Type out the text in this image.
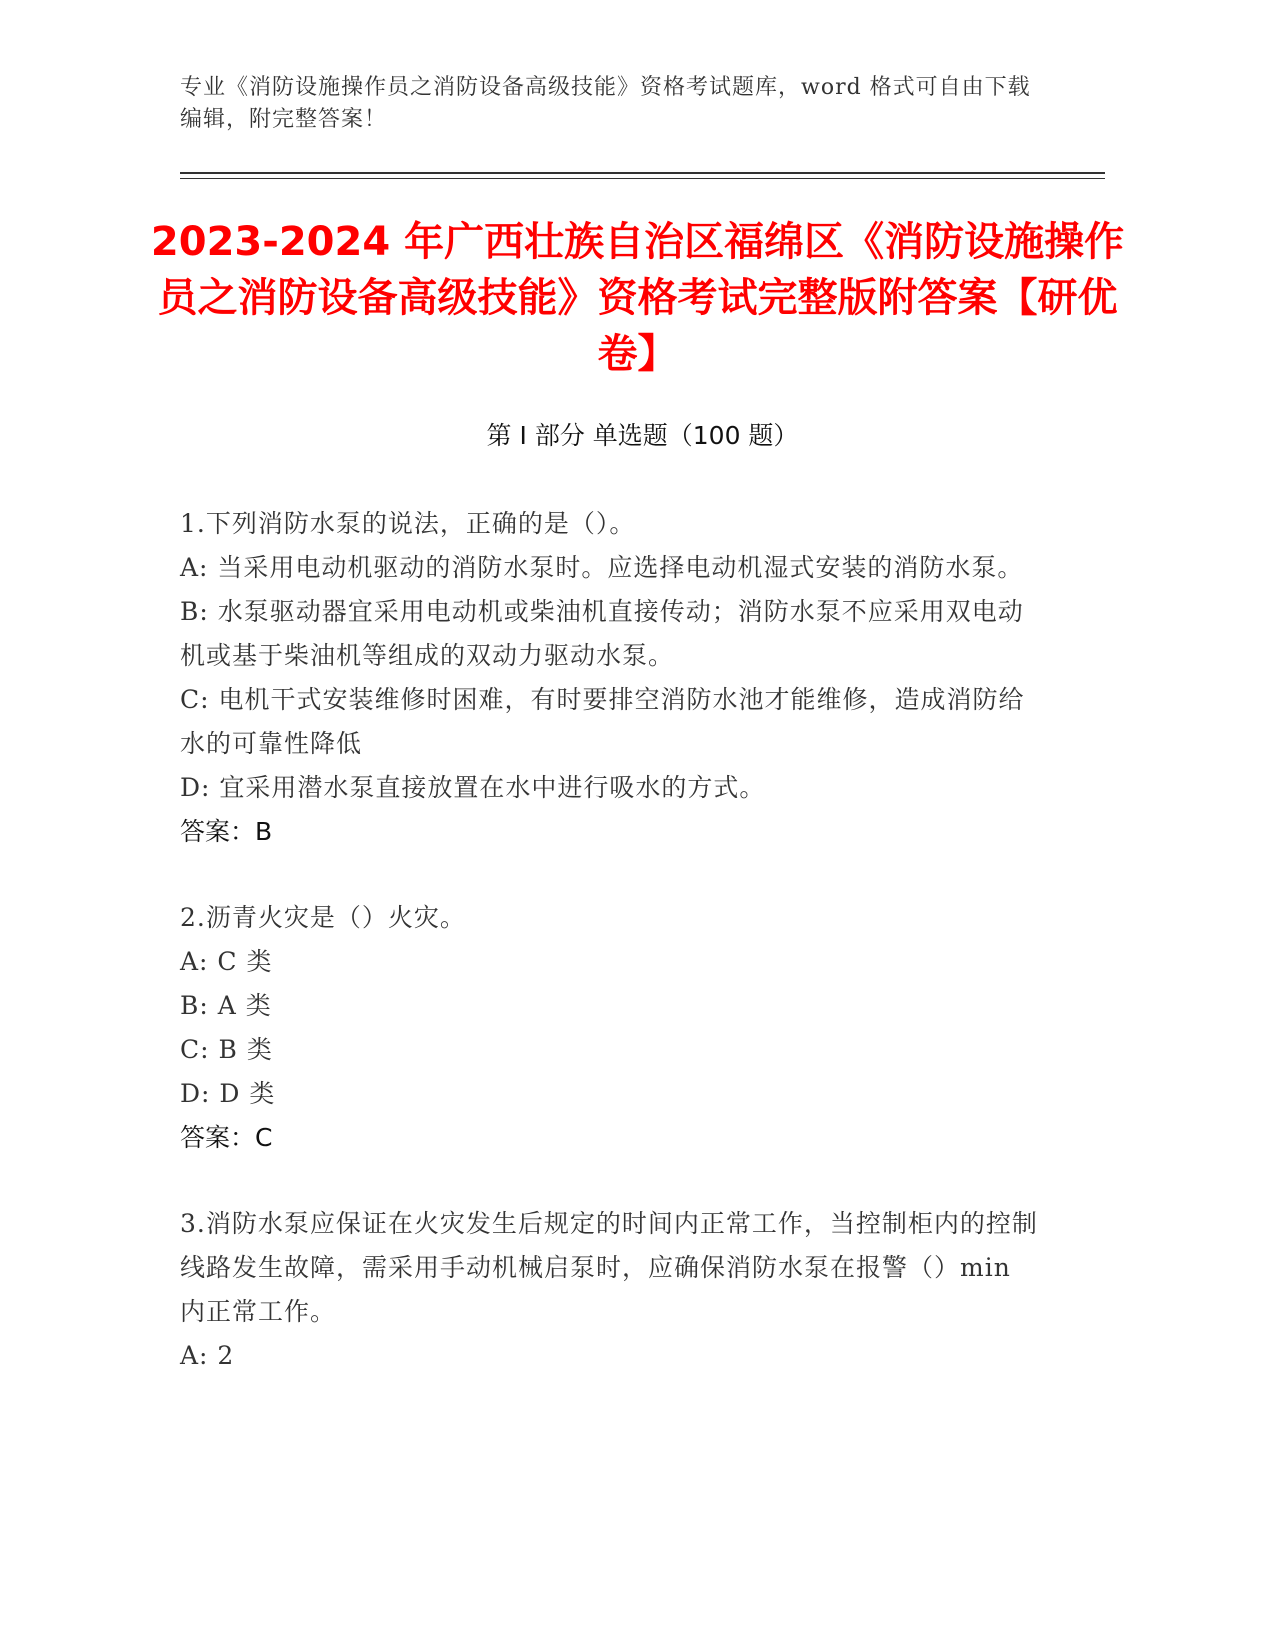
专业《消防设施操作员之消防设备高级技能》资格考试题库，word 格式可自由下载编辑，附完整答案！
2023-2024 年广西壮族自治区福绵区《消防设施操作员之消防设备高级技能》资格考试完整版附答案【研优卷】
第 I 部分 单选题（100 题）

1.下列消防水泵的说法，正确的是（）。

A: 当采用电动机驱动的消防水泵时。应选择电动机湿式安装的消防水泵。

B: 水泵驱动器宜采用电动机或柴油机直接传动；消防水泵不应采用双电动机或基于柴油机等组成的双动力驱动水泵。

C: 电机干式安装维修时困难，有时要排空消防水池才能维修，造成消防给水的可靠性降低

D: 宜采用潜水泵直接放置在水中进行吸水的方式。

答案：B

2.沥青火灾是（）火灾。

A: C 类

B: A 类

C: B 类

D: D 类

答案：C

3.消防水泵应保证在火灾发生后规定的时间内正常工作，当控制柜内的控制线路发生故障，需采用手动机械启泵时，应确保消防水泵在报警（）min 内正常工作。

A: 2
